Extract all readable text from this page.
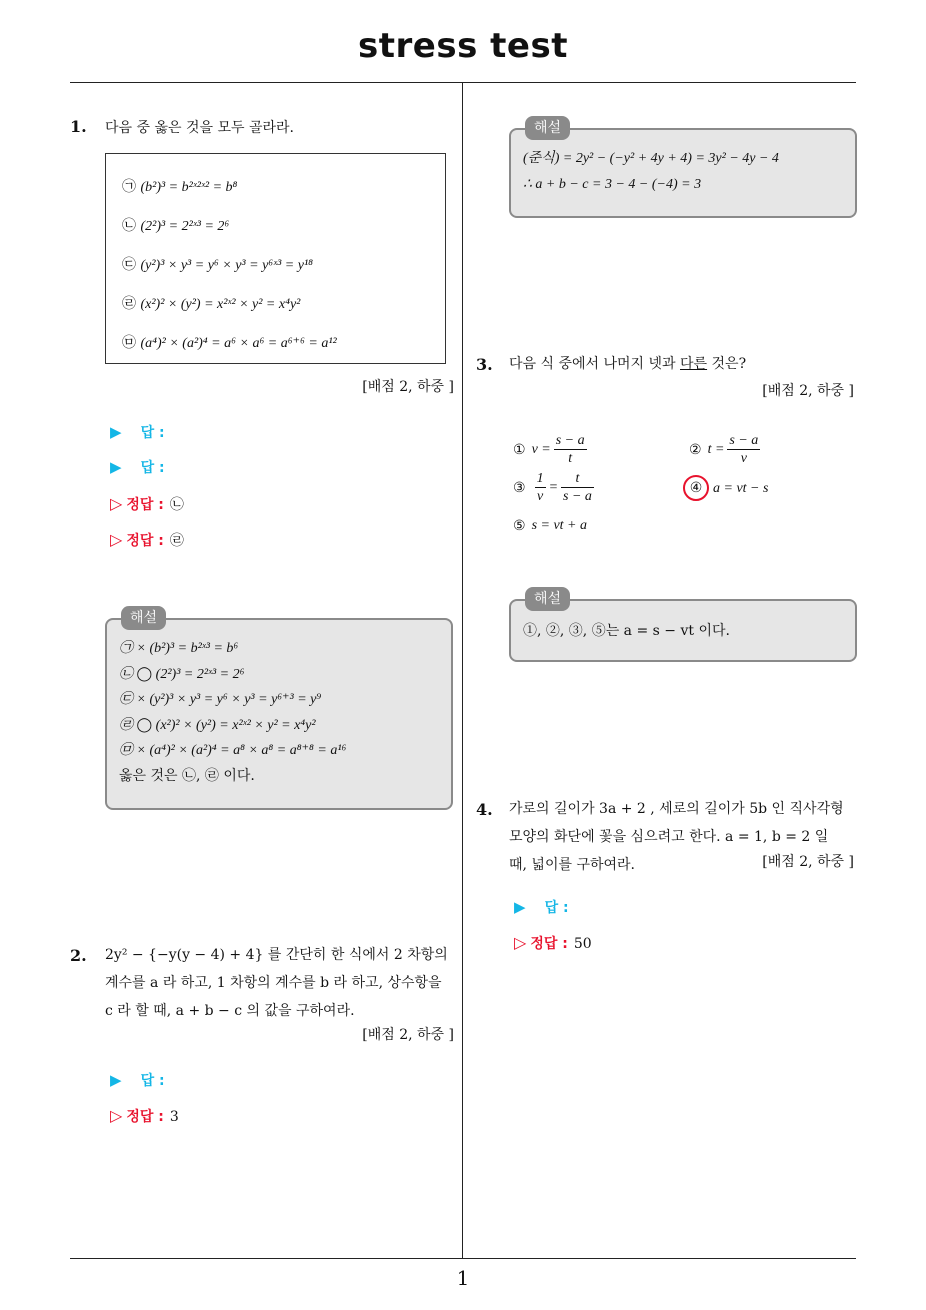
stress test
1
1. 다음 중 옳은 것을 모두 골라라.
㉠ (b²)³ = b²ˣ²ˣ² = b⁸
㉡ (2²)³ = 2²ˣ³ = 2⁶
㉢ (y²)³ × y³ = y⁶ × y³ = y⁶ˣ³ = y¹⁸
㉣ (x²)² × (y²) = x²ˣ² × y² = x⁴y²
㉤ (a⁴)² × (a²)⁴ = a⁶ × a⁶ = a⁶⁺⁶ = a¹²
[배점 2, 하중 ]
▶ 답 :
▶ 답 :
▷ 정답 : ㉡
▷ 정답 : ㉣
해설
㉠ × (b²)³ = b²ˣ³ = b⁶
㉡ ◯ (2²)³ = 2²ˣ³ = 2⁶
㉢ × (y²)³ × y³ = y⁶ × y³ = y⁶⁺³ = y⁹
㉣ ◯ (x²)² × (y²) = x²ˣ² × y² = x⁴y²
㉤ × (a⁴)² × (a²)⁴ = a⁸ × a⁸ = a⁸⁺⁸ = a¹⁶
옳은 것은 ㉡, ㉣ 이다.
2. 2y² − {−y(y − 4) + 4} 를 간단히 한 식에서 2 차항의
계수를 a 라 하고, 1 차항의 계수를 b 라 하고, 상수항을
c 라 할 때, a + b − c 의 값을 구하여라.
[배점 2, 하중 ]
▶ 답 :
▷ 정답 : 3
해설
(준식) = 2y² − (−y² + 4y + 4) = 3y² − 4y − 4
∴ a + b − c = 3 − 4 − (−4) = 3
3. 다음 식 중에서 나머지 넷과 다른 것은?
[배점 2, 하중 ]
① $v = \frac{s - a}{t}$	② $t = \frac{s - a}{v}$
③ $\frac{1}{v} = \frac{t}{s - a}$	④ a = vt − s
⑤ s = vt + a
해설
①, ②, ③, ⑤는 a = s − vt 이다.
4. 가로의 길이가 3a + 2 , 세로의 길이가 5b 인 직사각형
모양의 화단에 꽃을 심으려고 한다. a = 1, b = 2 일
때, 넓이를 구하여라.	[배점 2, 하중 ]
▶ 답 :
▷ 정답 : 50
